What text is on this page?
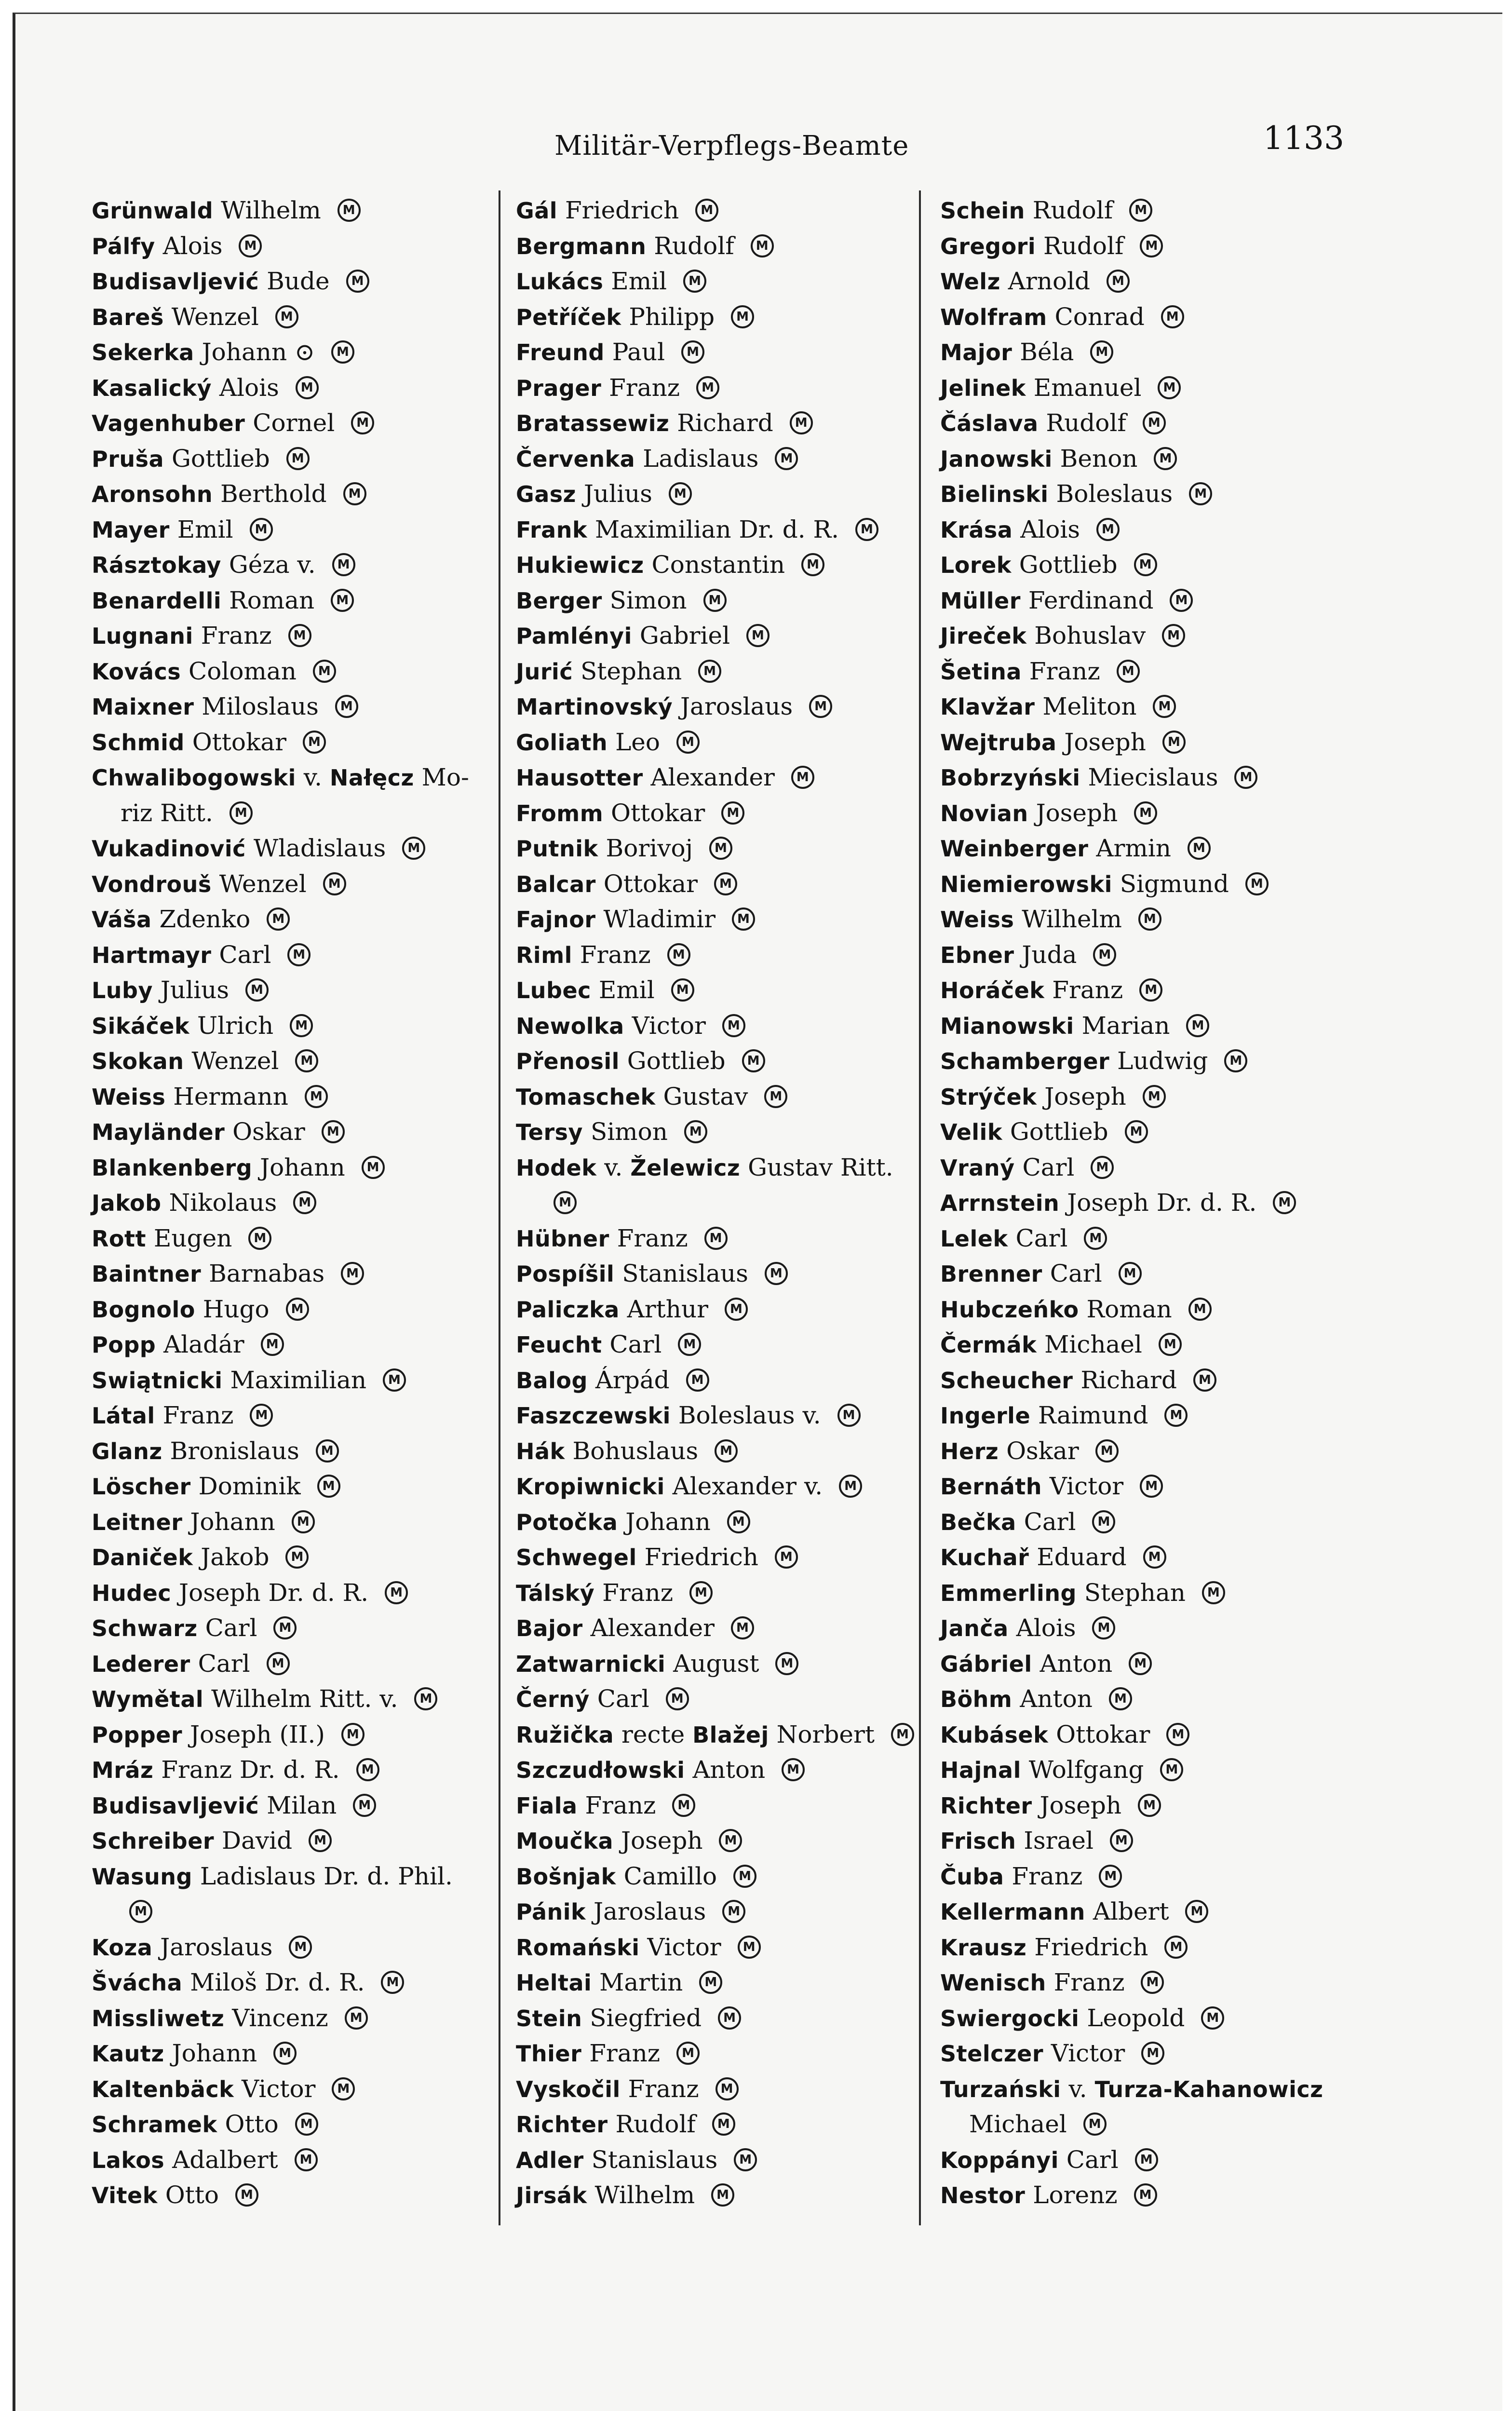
Militär-Verpflegs-Beamte	1133
Grünwald Wilhelm M
Pálfy Alois M
Budisavljević Bude M
Bareš Wenzel M
Sekerka Johann ⊙ M
Kasalický Alois M
Vagenhuber Cornel M
Pruša Gottlieb M
Aronsohn Berthold M
Mayer Emil M
Rásztokay Géza v. M
Benardelli Roman M
Lugnani Franz M
Kovács Coloman M
Maixner Miloslaus M
Schmid Ottokar M
Chwalibogowski v. Nałęcz Mo-
riz Ritt. M
Vukadinović Wladislaus M
Vondrouš Wenzel M
Váša Zdenko M
Hartmayr Carl M
Luby Julius M
Sikáček Ulrich M
Skokan Wenzel M
Weiss Hermann M
Mayländer Oskar M
Blankenberg Johann M
Jakob Nikolaus M
Rott Eugen M
Baintner Barnabas M
Bognolo Hugo M
Popp Aladár M
Swiątnicki Maximilian M
Látal Franz M
Glanz Bronislaus M
Löscher Dominik M
Leitner Johann M
Daniček Jakob M
Hudec Joseph Dr. d. R. M
Schwarz Carl M
Lederer Carl M
Wymětal Wilhelm Ritt. v. M
Popper Joseph (II.) M
Mráz Franz Dr. d. R. M
Budisavljević Milan M
Schreiber David M
Wasung Ladislaus Dr. d. Phil.
M
Koza Jaroslaus M
Švácha Miloš Dr. d. R. M
Missliwetz Vincenz M
Kautz Johann M
Kaltenbäck Victor M
Schramek Otto M
Lakos Adalbert M
Vitek Otto M
Gál Friedrich M
Bergmann Rudolf M
Lukács Emil M
Petříček Philipp M
Freund Paul M
Prager Franz M
Bratassewiz Richard M
Červenka Ladislaus M
Gasz Julius M
Frank Maximilian Dr. d. R. M
Hukiewicz Constantin M
Berger Simon M
Pamlényi Gabriel M
Jurić Stephan M
Martinovský Jaroslaus M
Goliath Leo M
Hausotter Alexander M
Fromm Ottokar M
Putnik Borivoj M
Balcar Ottokar M
Fajnor Wladimir M
Riml Franz M
Lubec Emil M
Newolka Victor M
Přenosil Gottlieb M
Tomaschek Gustav M
Tersy Simon M
Hodek v. Želewicz Gustav Ritt.
M
Hübner Franz M
Pospíšil Stanislaus M
Paliczka Arthur M
Feucht Carl M
Balog Árpád M
Faszczewski Boleslaus v. M
Hák Bohuslaus M
Kropiwnicki Alexander v. M
Potočka Johann M
Schwegel Friedrich M
Tálský Franz M
Bajor Alexander M
Zatwarnicki August M
Černý Carl M
Ružička recte Blažej Norbert M
Szczudłowski Anton M
Fiala Franz M
Moučka Joseph M
Bošnjak Camillo M
Pánik Jaroslaus M
Romański Victor M
Heltai Martin M
Stein Siegfried M
Thier Franz M
Vyskočil Franz M
Richter Rudolf M
Adler Stanislaus M
Jirsák Wilhelm M
Schein Rudolf M
Gregori Rudolf M
Welz Arnold M
Wolfram Conrad M
Major Béla M
Jelinek Emanuel M
Čáslava Rudolf M
Janowski Benon M
Bielinski Boleslaus M
Krása Alois M
Lorek Gottlieb M
Müller Ferdinand M
Jireček Bohuslav M
Šetina Franz M
Klavžar Meliton M
Wejtruba Joseph M
Bobrzyński Miecislaus M
Novian Joseph M
Weinberger Armin M
Niemierowski Sigmund M
Weiss Wilhelm M
Ebner Juda M
Horáček Franz M
Mianowski Marian M
Schamberger Ludwig M
Strýček Joseph M
Velik Gottlieb M
Vraný Carl M
Arrnstein Joseph Dr. d. R. M
Lelek Carl M
Brenner Carl M
Hubczeńko Roman M
Čermák Michael M
Scheucher Richard M
Ingerle Raimund M
Herz Oskar M
Bernáth Victor M
Bečka Carl M
Kuchař Eduard M
Emmerling Stephan M
Janča Alois M
Gábriel Anton M
Böhm Anton M
Kubásek Ottokar M
Hajnal Wolfgang M
Richter Joseph M
Frisch Israel M
Čuba Franz M
Kellermann Albert M
Krausz Friedrich M
Wenisch Franz M
Swiergocki Leopold M
Stelczer Victor M
Turzański v. Turza-Kahanowicz
Michael M
Koppányi Carl M
Nestor Lorenz M
